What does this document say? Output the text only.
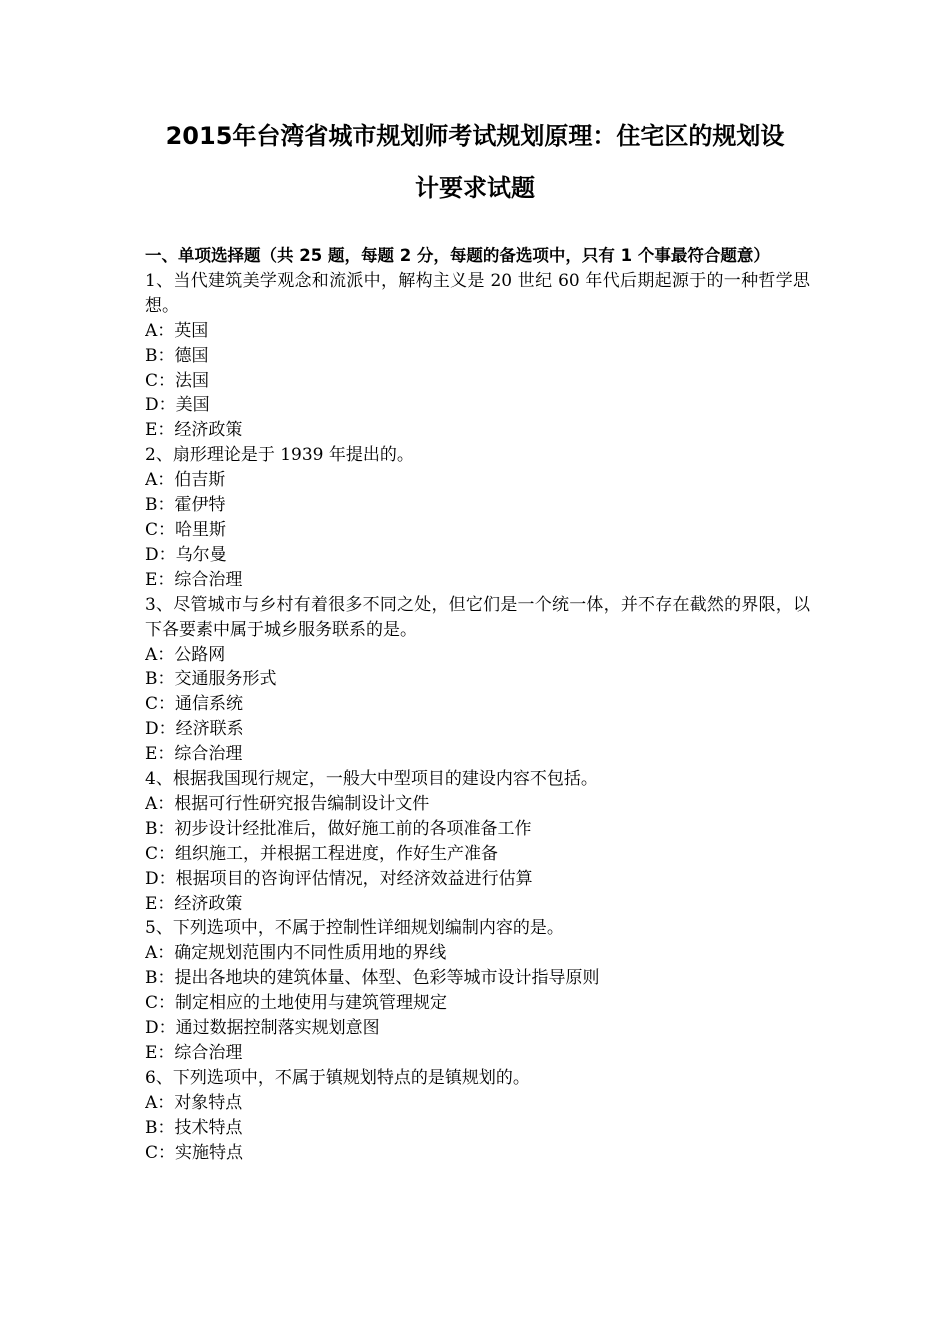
2015年台湾省城市规划师考试规划原理：住宅区的规划设
计要求试题
一、单项选择题（共 25 题，每题 2 分，每题的备选项中，只有 1 个事最符合题意）
1、当代建筑美学观念和流派中，解构主义是 20 世纪 60 年代后期起源于的一种哲学思想。
A：英国
B：德国
C：法国
D：美国
E：经济政策
2、扇形理论是于 1939 年提出的。
A：伯吉斯
B：霍伊特
C：哈里斯
D：乌尔曼
E：综合治理
3、尽管城市与乡村有着很多不同之处，但它们是一个统一体，并不存在截然的界限，以下各要素中属于城乡服务联系的是。
A：公路网
B：交通服务形式
C：通信系统
D：经济联系
E：综合治理
4、根据我国现行规定，一般大中型项目的建设内容不包括。
A：根据可行性研究报告编制设计文件
B：初步设计经批准后，做好施工前的各项准备工作
C：组织施工，并根据工程进度，作好生产准备
D：根据项目的咨询评估情况，对经济效益进行估算
E：经济政策
5、下列选项中，不属于控制性详细规划编制内容的是。
A：确定规划范围内不同性质用地的界线
B：提出各地块的建筑体量、体型、色彩等城市设计指导原则
C：制定相应的土地使用与建筑管理规定
D：通过数据控制落实规划意图
E：综合治理
6、下列选项中，不属于镇规划特点的是镇规划的。
A：对象特点
B：技术特点
C：实施特点
